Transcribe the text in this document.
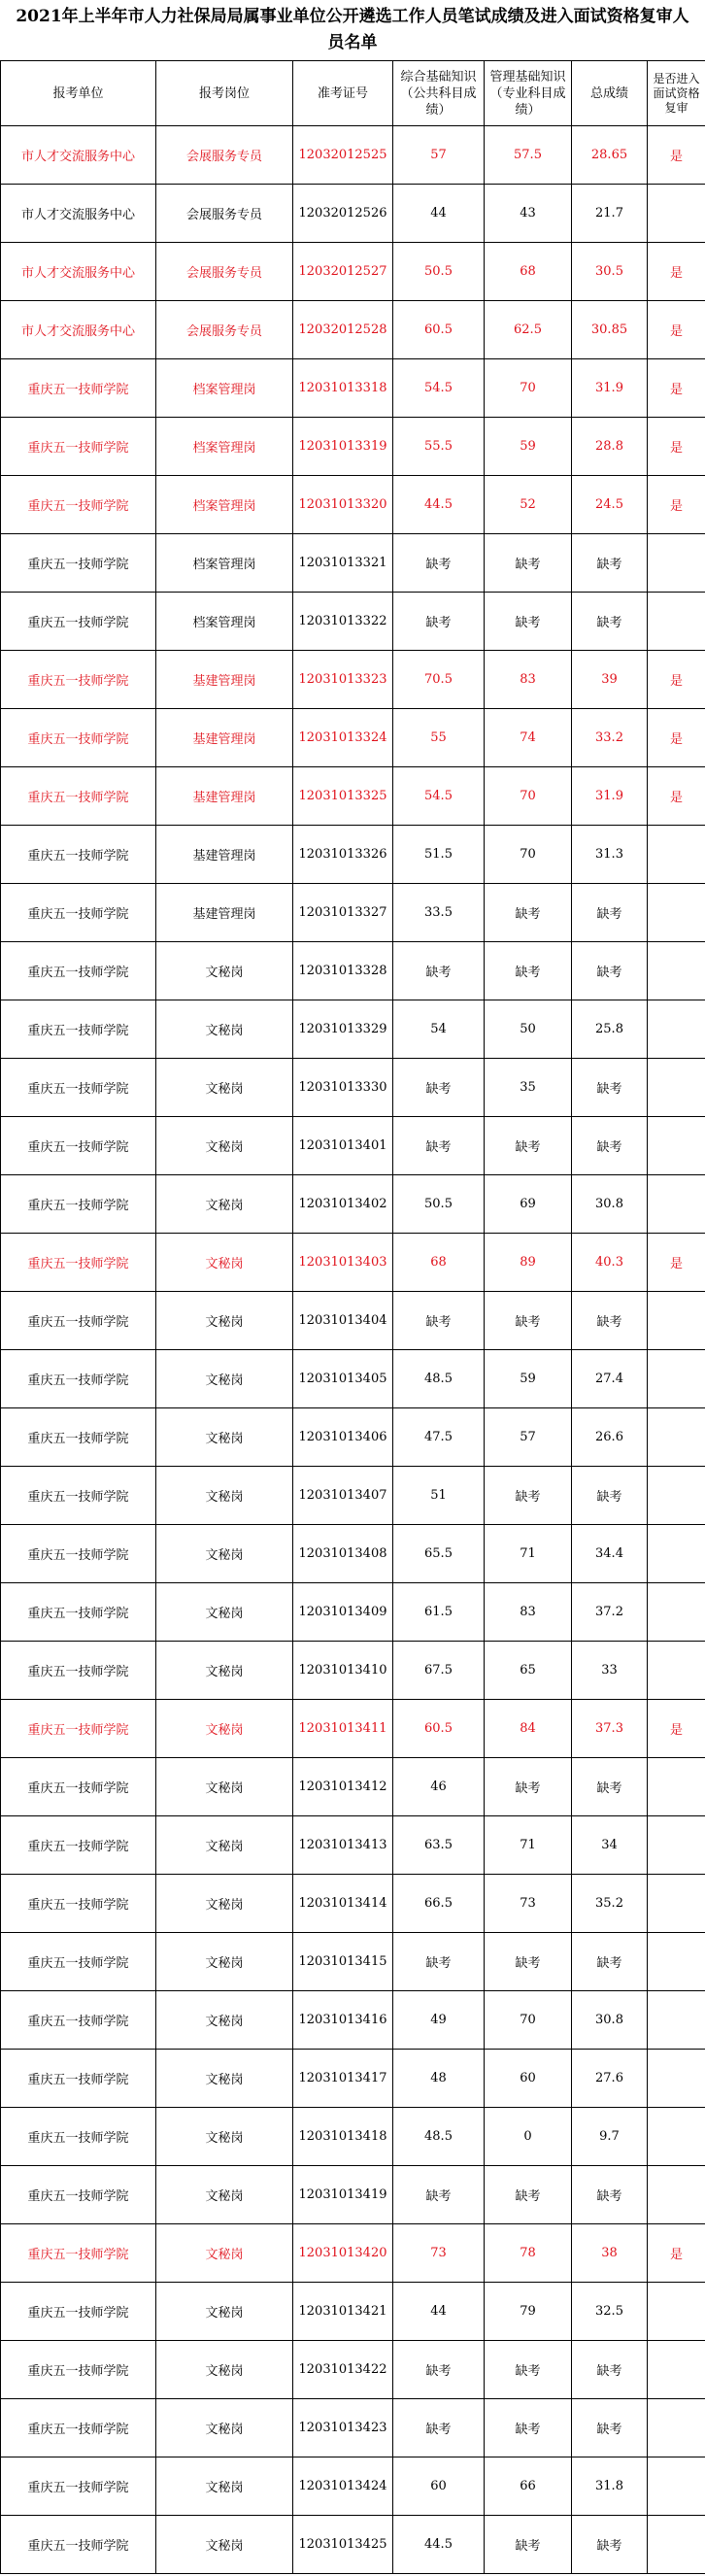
2021年上半年市人力社保局局属事业单位公开遴选工作人员笔试成绩及进入面试资格复审人员名单
报考单位	报考岗位	准考证号	综合基础知识（公共科目成绩）	管理基础知识（专业科目成绩）	总成绩	是否进入面试资格复审
市人才交流服务中心	会展服务专员	12032012525	57	57.5	28.65	是
市人才交流服务中心	会展服务专员	12032012526	44	43	21.7	
市人才交流服务中心	会展服务专员	12032012527	50.5	68	30.5	是
市人才交流服务中心	会展服务专员	12032012528	60.5	62.5	30.85	是
重庆五一技师学院	档案管理岗	12031013318	54.5	70	31.9	是
重庆五一技师学院	档案管理岗	12031013319	55.5	59	28.8	是
重庆五一技师学院	档案管理岗	12031013320	44.5	52	24.5	是
重庆五一技师学院	档案管理岗	12031013321	缺考	缺考	缺考	
重庆五一技师学院	档案管理岗	12031013322	缺考	缺考	缺考	
重庆五一技师学院	基建管理岗	12031013323	70.5	83	39	是
重庆五一技师学院	基建管理岗	12031013324	55	74	33.2	是
重庆五一技师学院	基建管理岗	12031013325	54.5	70	31.9	是
重庆五一技师学院	基建管理岗	12031013326	51.5	70	31.3	
重庆五一技师学院	基建管理岗	12031013327	33.5	缺考	缺考	
重庆五一技师学院	文秘岗	12031013328	缺考	缺考	缺考	
重庆五一技师学院	文秘岗	12031013329	54	50	25.8	
重庆五一技师学院	文秘岗	12031013330	缺考	35	缺考	
重庆五一技师学院	文秘岗	12031013401	缺考	缺考	缺考	
重庆五一技师学院	文秘岗	12031013402	50.5	69	30.8	
重庆五一技师学院	文秘岗	12031013403	68	89	40.3	是
重庆五一技师学院	文秘岗	12031013404	缺考	缺考	缺考	
重庆五一技师学院	文秘岗	12031013405	48.5	59	27.4	
重庆五一技师学院	文秘岗	12031013406	47.5	57	26.6	
重庆五一技师学院	文秘岗	12031013407	51	缺考	缺考	
重庆五一技师学院	文秘岗	12031013408	65.5	71	34.4	
重庆五一技师学院	文秘岗	12031013409	61.5	83	37.2	
重庆五一技师学院	文秘岗	12031013410	67.5	65	33	
重庆五一技师学院	文秘岗	12031013411	60.5	84	37.3	是
重庆五一技师学院	文秘岗	12031013412	46	缺考	缺考	
重庆五一技师学院	文秘岗	12031013413	63.5	71	34	
重庆五一技师学院	文秘岗	12031013414	66.5	73	35.2	
重庆五一技师学院	文秘岗	12031013415	缺考	缺考	缺考	
重庆五一技师学院	文秘岗	12031013416	49	70	30.8	
重庆五一技师学院	文秘岗	12031013417	48	60	27.6	
重庆五一技师学院	文秘岗	12031013418	48.5	0	9.7	
重庆五一技师学院	文秘岗	12031013419	缺考	缺考	缺考	
重庆五一技师学院	文秘岗	12031013420	73	78	38	是
重庆五一技师学院	文秘岗	12031013421	44	79	32.5	
重庆五一技师学院	文秘岗	12031013422	缺考	缺考	缺考	
重庆五一技师学院	文秘岗	12031013423	缺考	缺考	缺考	
重庆五一技师学院	文秘岗	12031013424	60	66	31.8	
重庆五一技师学院	文秘岗	12031013425	44.5	缺考	缺考	
